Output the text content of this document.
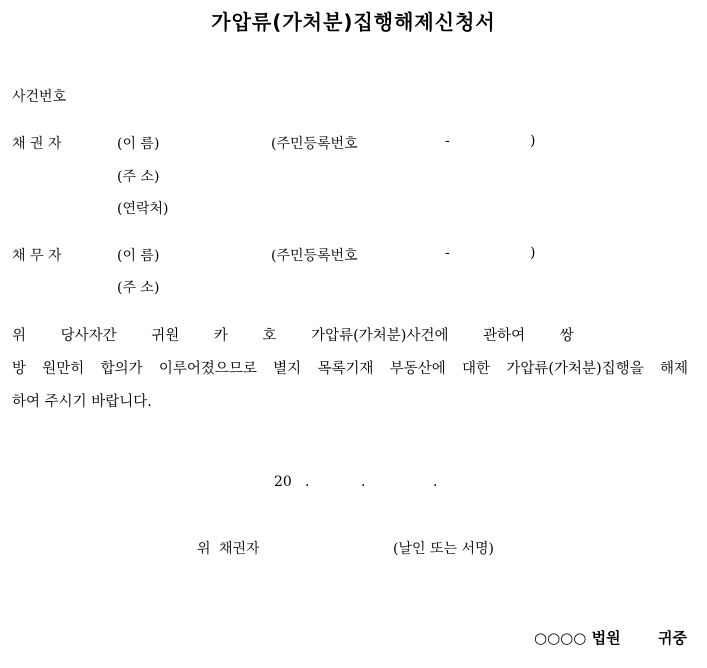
가압류(가처분)집행해제신청서
사건번호
채 권 자	(이 름)	(주민등록번호	-	)
(주 소)
(연락처)
채 무 자	(이 름)	(주민등록번호	-	)
(주 소)
위 당사자간 귀원 카 호 가압류(가처분)사건에 관하여 쌍
방 원만히 합의가 이루어졌으므로 별지 목록기재 부동산에 대한 가압류(가처분)집행을 해제
하여 주시기 바랍니다.
20 .	.	.
위 채권자	(날인 또는 서명)
○○○○ 법원 귀중
